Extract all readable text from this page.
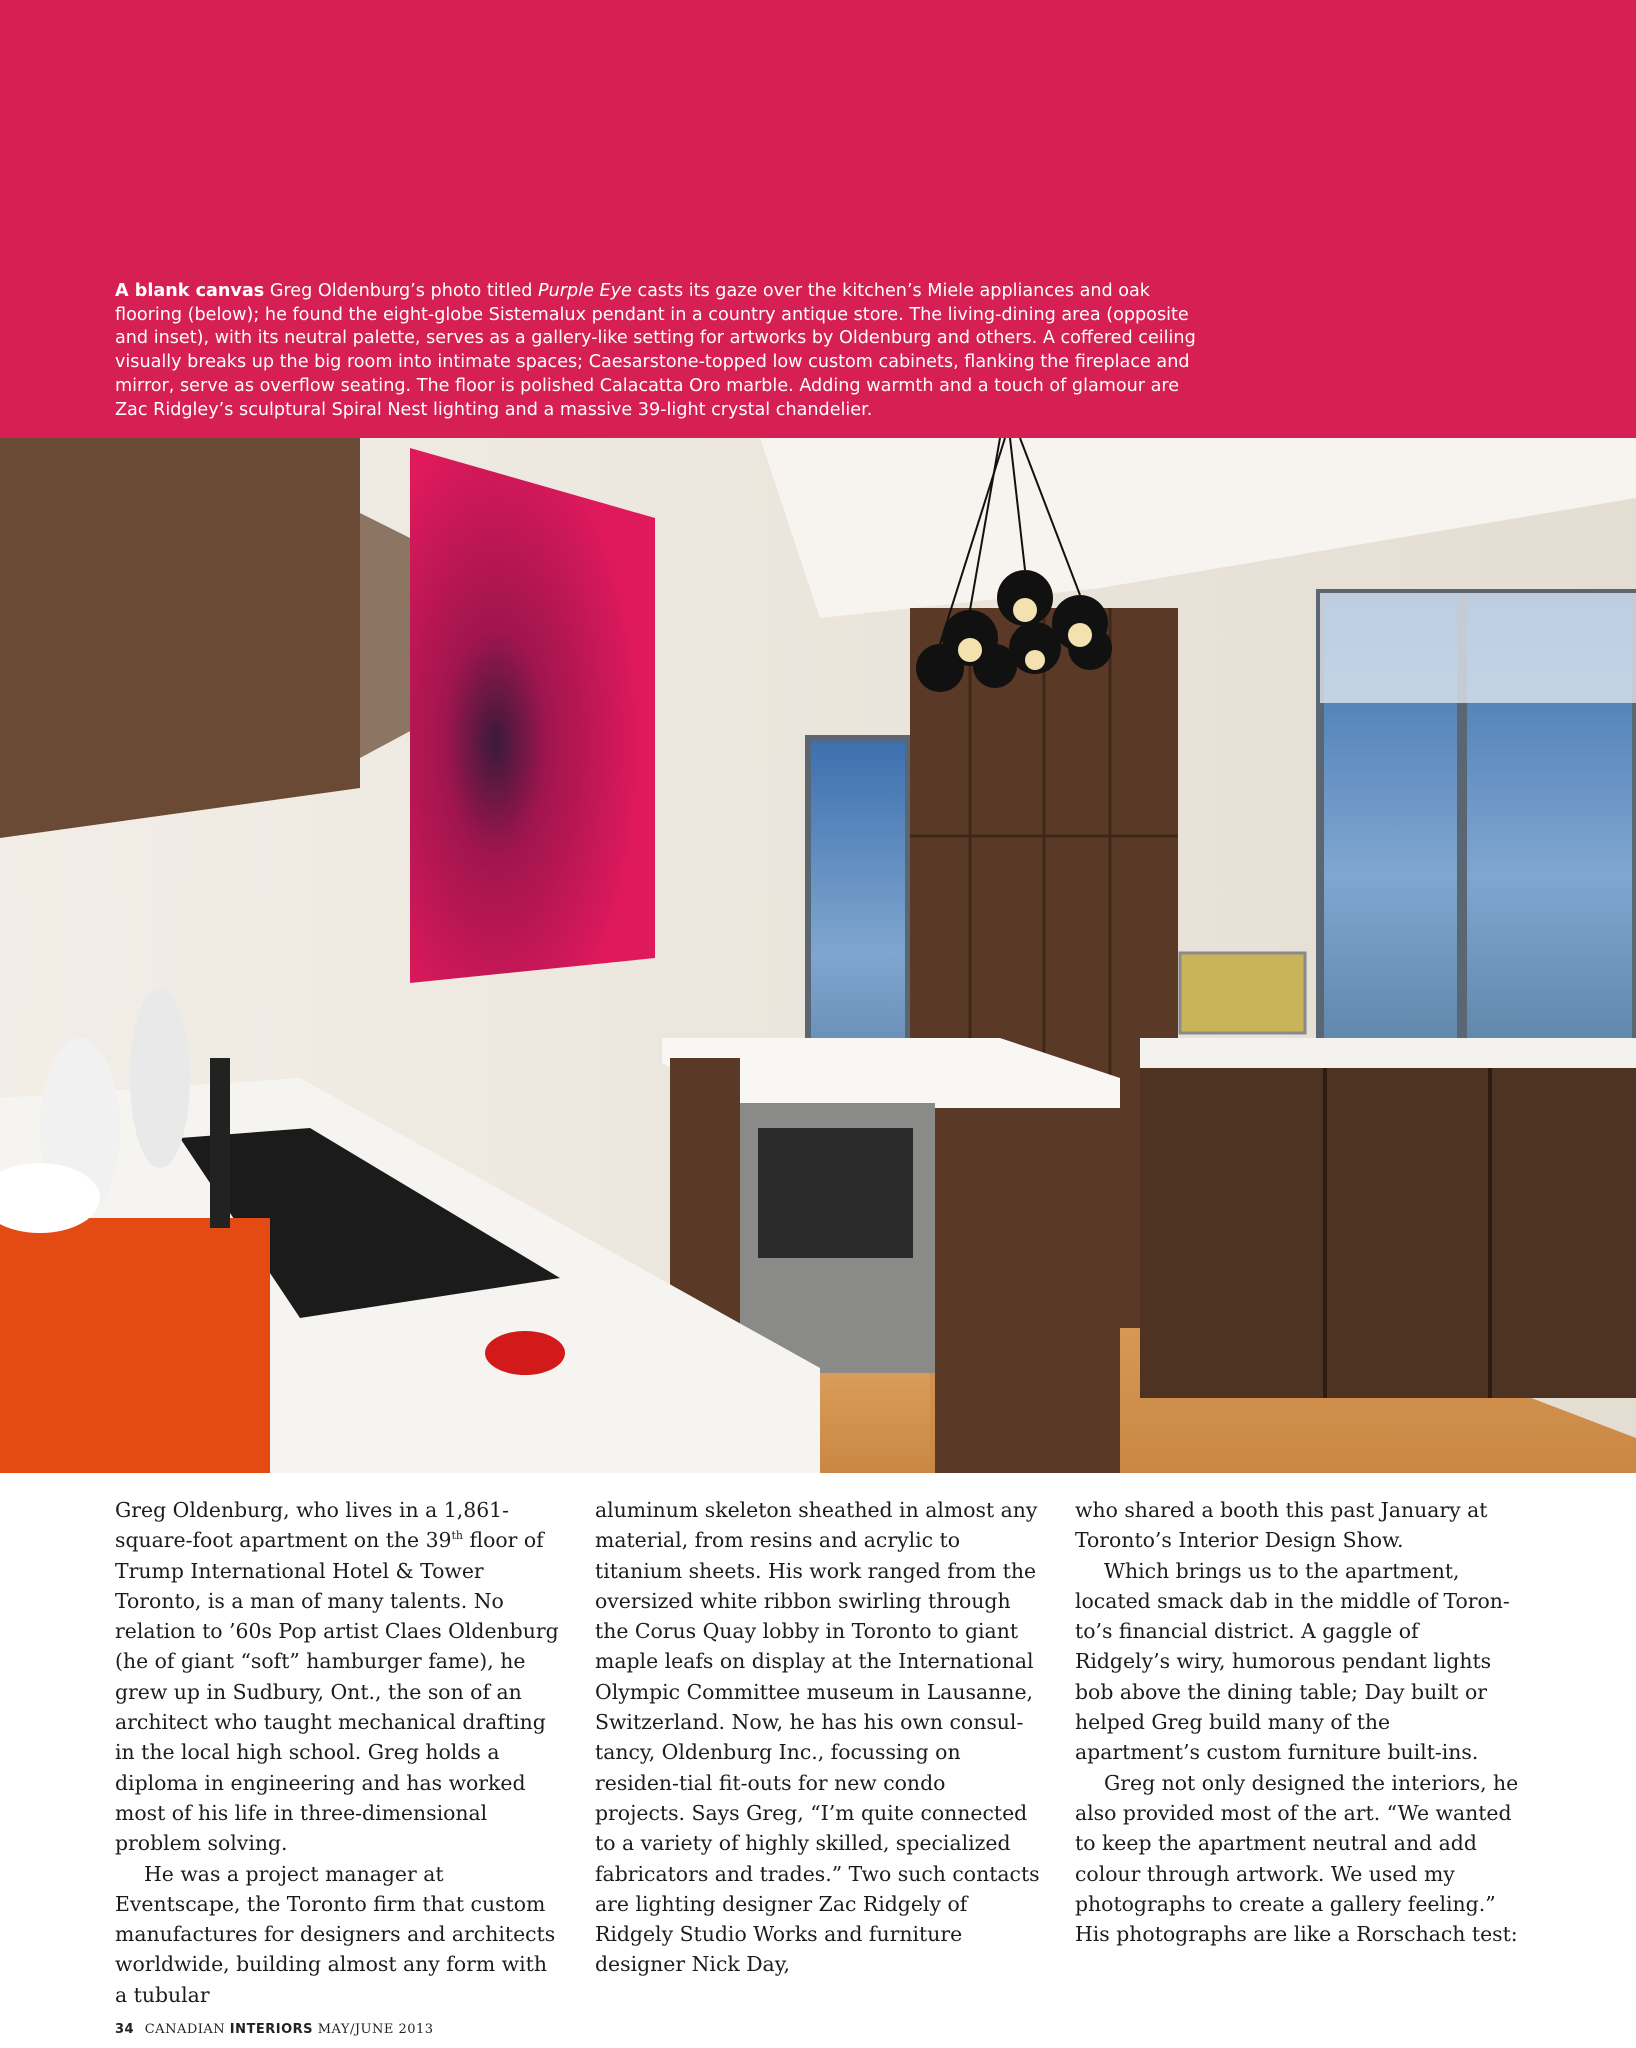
A blank canvas Greg Oldenburg’s photo titled Purple Eye casts its gaze over the kitchen’s Miele appliances and oak flooring (below); he found the eight-globe Sistemalux pendant in a country antique store. The living-dining area (opposite and inset), with its neutral palette, serves as a gallery-like setting for artworks by Oldenburg and others. A coffered ceiling visually breaks up the big room into intimate spaces; Caesarstone-topped low custom cabinets, flanking the fireplace and mirror, serve as overflow seating. The floor is polished Calacatta Oro marble. Adding warmth and a touch of glamour are Zac Ridgley’s sculptural Spiral Nest lighting and a massive 39-light crystal chandelier.

Greg Oldenburg, who lives in a 1,861-square-foot apartment on the 39th floor of Trump International Hotel & Tower Toronto, is a man of many talents. No relation to ’60s Pop artist Claes Oldenburg (he of giant “soft” hamburger fame), he grew up in Sudbury, Ont., the son of an architect who taught mechanical drafting in the local high school. Greg holds a diploma in engineering and has worked most of his life in three-dimensional problem solving.

He was a project manager at Eventscape, the Toronto firm that custom manufactures for designers and architects worldwide, building almost any form with a tubular

aluminum skeleton sheathed in almost any material, from resins and acrylic to titanium sheets. His work ranged from the oversized white ribbon swirling through the Corus Quay lobby in Toronto to giant maple leafs on display at the International Olympic Committee museum in Lausanne, Switzerland. Now, he has his own consul-tancy, Oldenburg Inc., focussing on residen-tial fit-outs for new condo projects. Says Greg, “I’m quite connected to a variety of highly skilled, specialized fabricators and trades.” Two such contacts are lighting designer Zac Ridgely of Ridgely Studio Works and furniture designer Nick Day,

who shared a booth this past January at Toronto’s Interior Design Show.

Which brings us to the apartment, located smack dab in the middle of Toron-to’s financial district. A gaggle of Ridgely’s wiry, humorous pendant lights bob above the dining table; Day built or helped Greg build many of the apartment’s custom furniture built-ins.

Greg not only designed the interiors, he also provided most of the art. “We wanted to keep the apartment neutral and add colour through artwork. We used my photographs to create a gallery feeling.” His photographs are like a Rorschach test:

34 CANADIAN INTERIORS MAY/JUNE 2013
